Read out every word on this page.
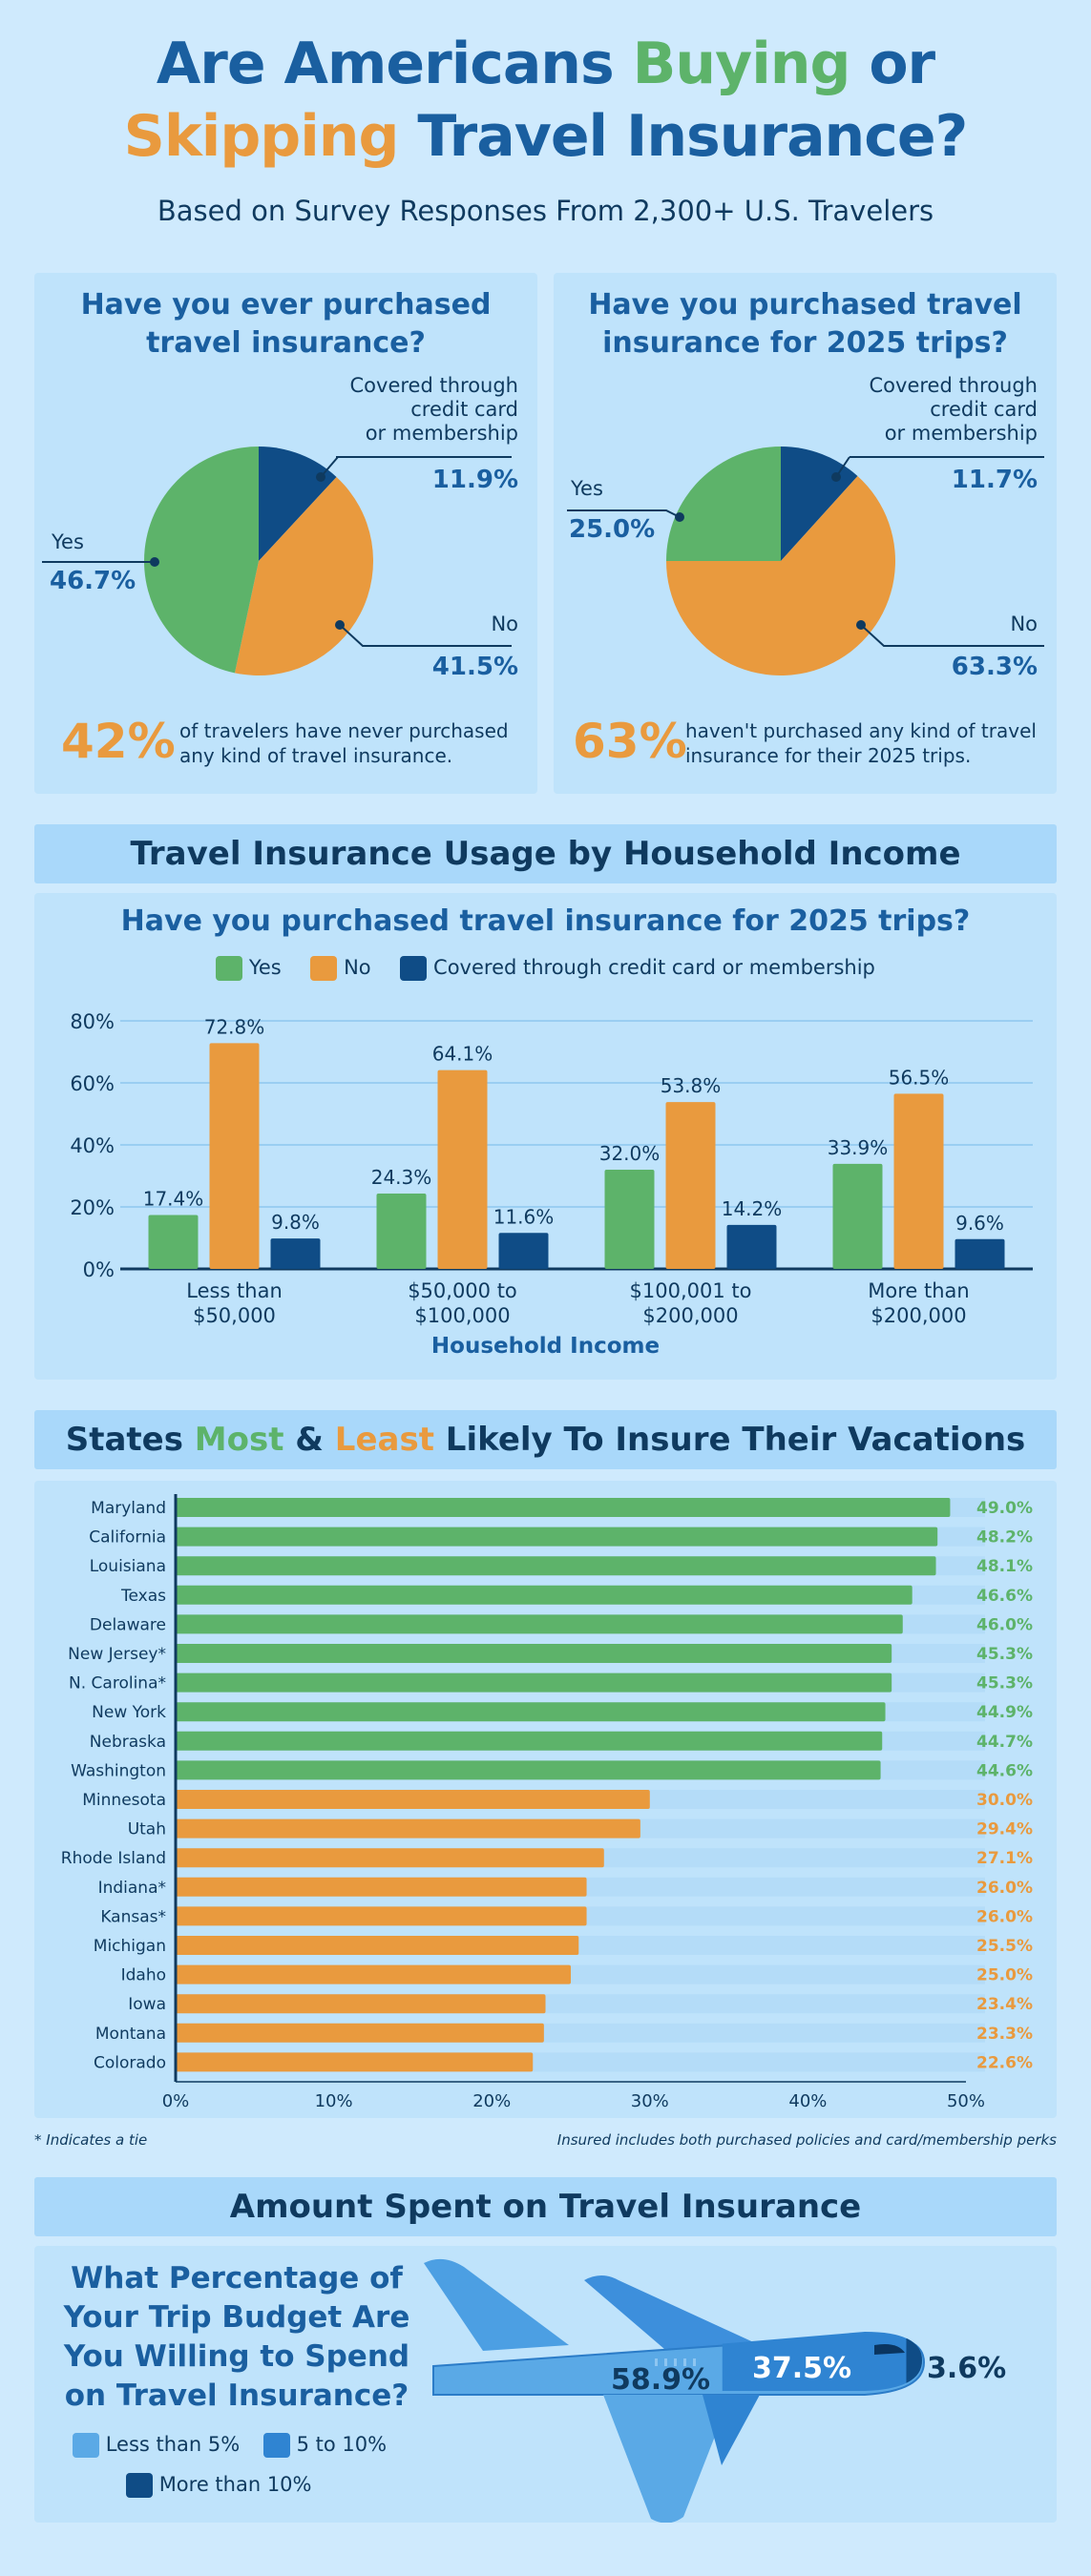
Are Americans Buying or
Skipping Travel Insurance?
Based on Survey Responses From 2,300+ U.S. Travelers
Have you ever purchased
travel insurance?
Yes
46.7%
Covered through
credit card
or membership
11.9%
No
41.5%
42% of travelers have never purchased
any kind of travel insurance.
Have you purchased travel
insurance for 2025 trips?
Yes
25.0%
Covered through
credit card
or membership
11.7%
No
63.3%
63%
haven't purchased any kind of travel
insurance for their 2025 trips.
Travel Insurance Usage by Household Income
Have you purchased travel insurance for 2025 trips?
Yes	No	Covered through credit card or membership
0%
20%
40%
60%
80%
17.4%
72.8%
9.8%
Less than
$50,000
24.3%
64.1%
11.6%
$50,000 to
$100,000
32.0%
53.8%
14.2%
$100,001 to
$200,000
33.9%
56.5%
9.6%
More than
$200,000
Household Income
States Most & Least Likely To Insure Their Vacations
Maryland	49.0%
California	48.2%
Louisiana	48.1%
Texas	46.6%
Delaware	46.0%
New Jersey*	45.3%
N. Carolina*	45.3%
New York	44.9%
Nebraska	44.7%
Washington	44.6%
Minnesota	30.0%
Utah	29.4%
Rhode Island	27.1%
Indiana*	26.0%
Kansas*	26.0%
Michigan	25.5%
Idaho	25.0%
Iowa	23.4%
Montana	23.3%
Colorado	22.6%
0%	10%	20%	30%	40%	50%
* Indicates a tie	Insured includes both purchased policies and card/membership perks
Amount Spent on Travel Insurance
What Percentage of
Your Trip Budget Are
You Willing to Spend
on Travel Insurance?
Less than 5%	5 to 10%
More than 10%
58.9% 37.5%	3.6%
